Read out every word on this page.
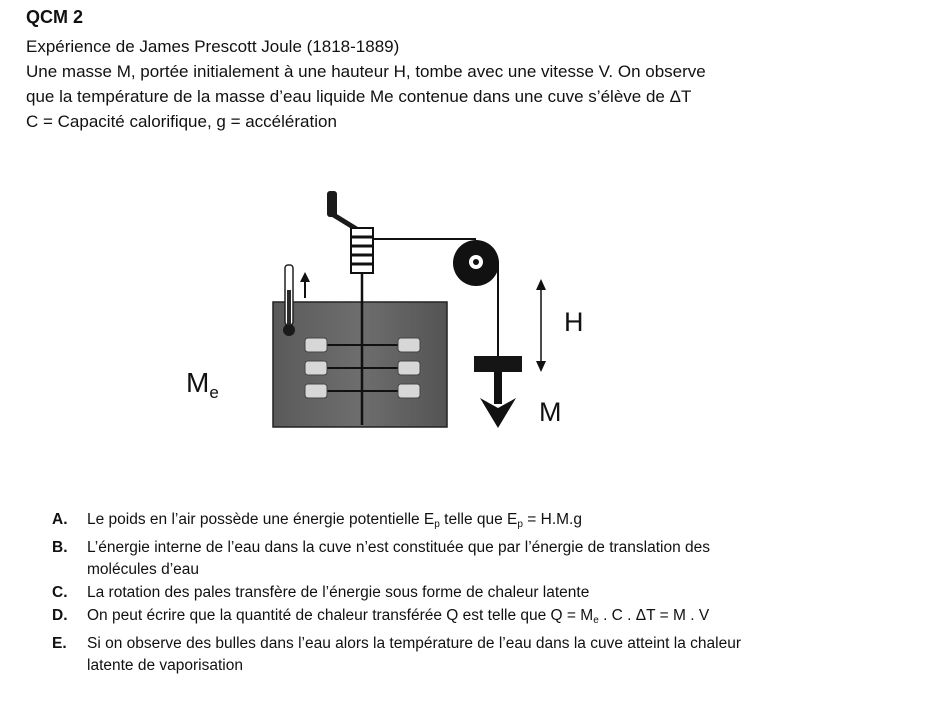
QCM 2
Expérience de James Prescott Joule (1818-1889)
Une masse M, portée initialement à une hauteur H, tombe avec une vitesse V. On observe
que la température de la masse d’eau liquide Me contenue dans une cuve s’élève de ΔT
C = Capacité calorifique, g = accélération
H
M
$M_e$
A.	Le poids en l’air possède une énergie potentielle $E_p$ telle que $E_p = H.M.g$
B.	L’énergie interne de l’eau dans la cuve n’est constituée que par l’énergie de translation des
molécules d’eau
C.	La rotation des pales transfère de l’énergie sous forme de chaleur latente
D.	On peut écrire que la quantité de chaleur transférée Q est telle que $Q = M_e$ . C . ΔT = M . V
E.	Si on observe des bulles dans l’eau alors la température de l’eau dans la cuve atteint la chaleur
latente de vaporisation
